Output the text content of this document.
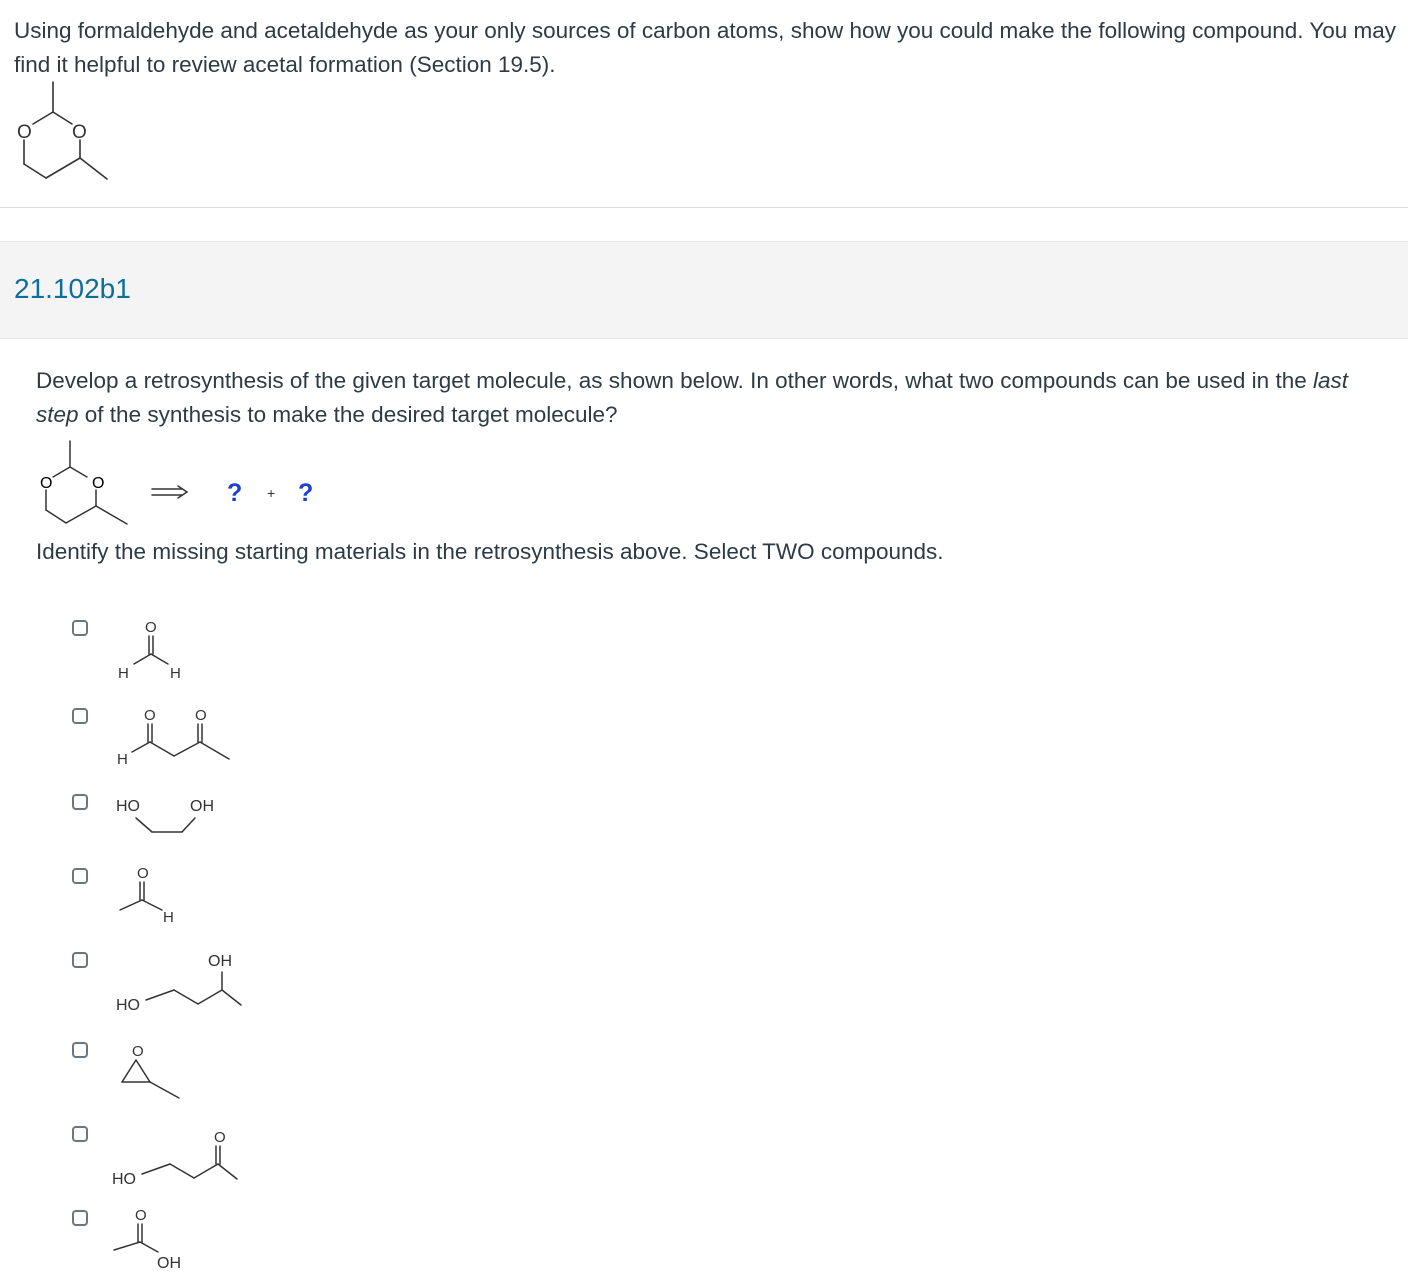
Using formaldehyde and acetaldehyde as your only sources of carbon atoms, show how you could make the following compound. You may find it helpful to review acetal formation (Section 19.5).
O O
21.102b1
Develop a retrosynthesis of the given target molecule, as shown below. In other words, what two compounds can be used in the last step of the synthesis to make the desired target molecule?
O O	? + ?
Identify the missing starting materials in the retrosynthesis above. Select TWO compounds.
O
H	H
O	O
H
HO	OH
O
H
OH
HO
O
O
HO
O
OH
